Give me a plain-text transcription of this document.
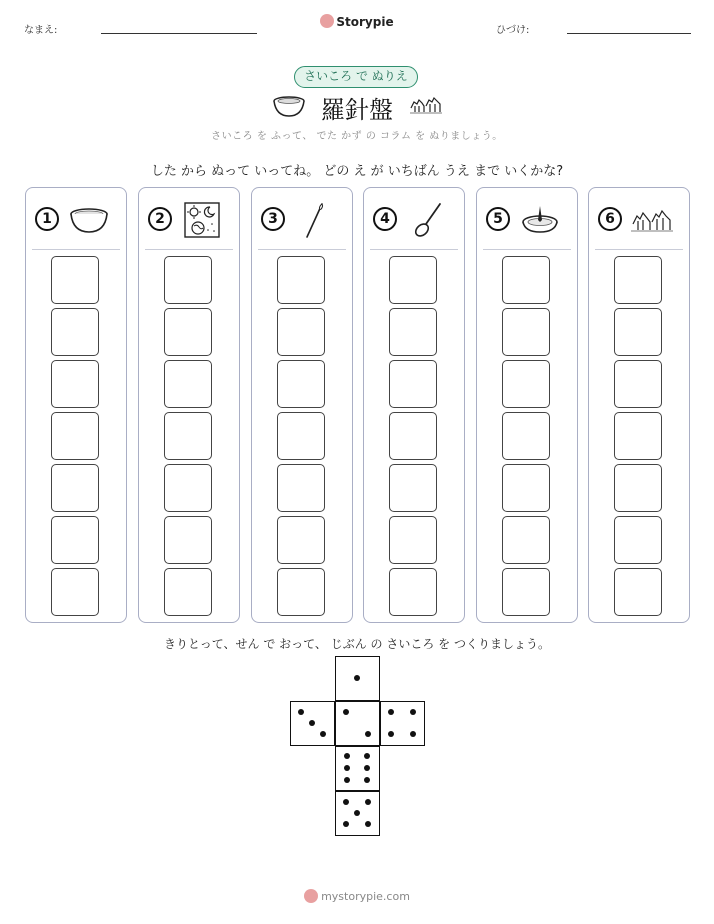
なまえ:
Storypie
ひづけ:
さいころ で ぬりえ
羅針盤
さいころ を ふって、 でた かず の コラム を ぬりましょう。
した から ぬって いってね。 どの え が いちばん うえ まで いくかな?
1	2	3	4	5	6
きりとって、せん で おって、 じぶん の さいころ を つくりましょう。
mystorypie.com
